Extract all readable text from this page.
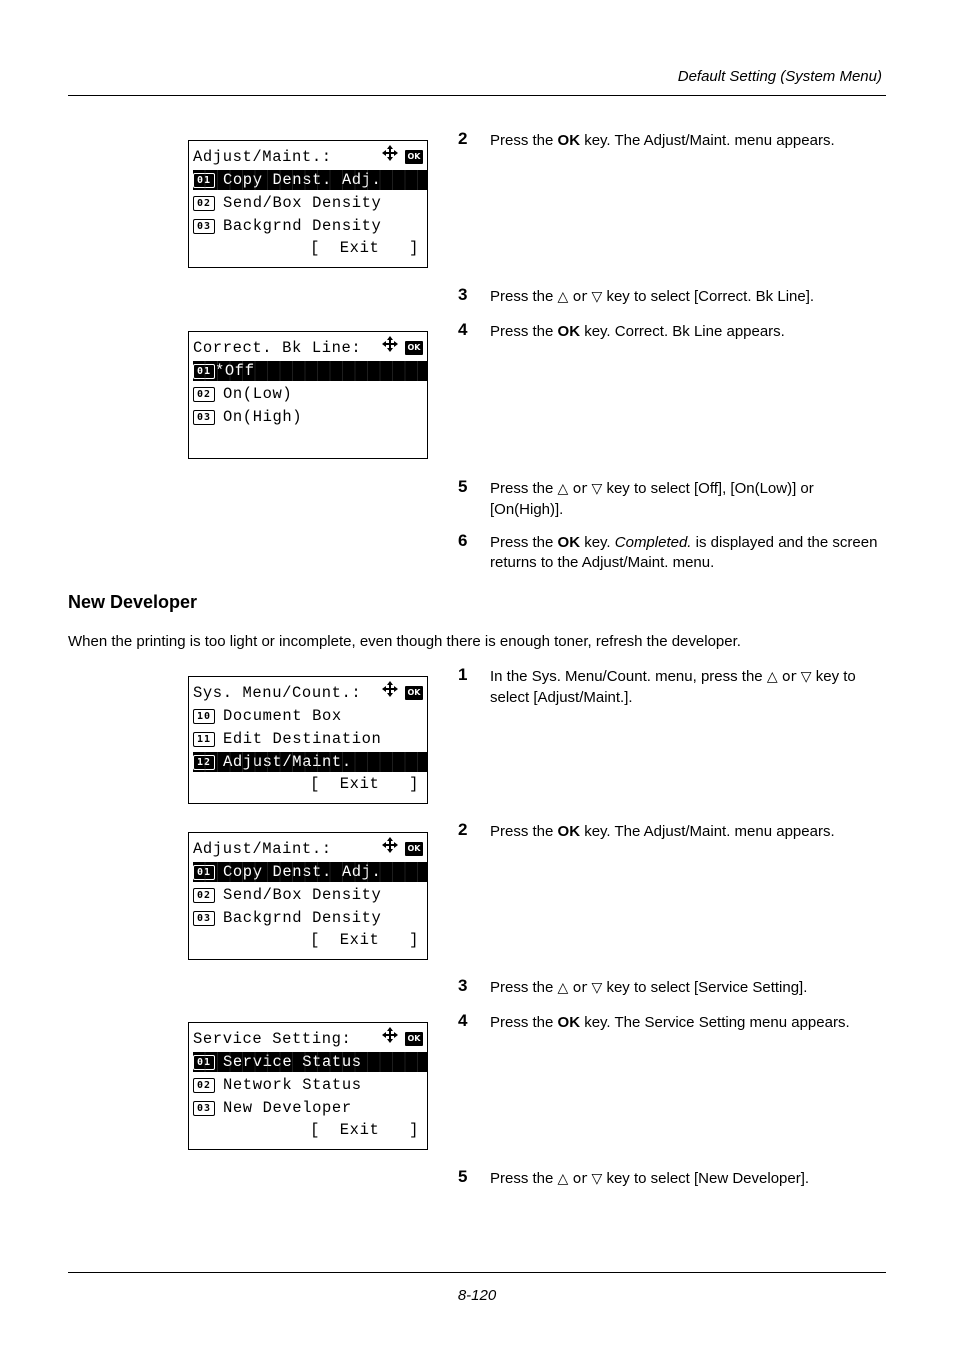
Default Setting (System Menu)
Adjust/Maint.:	OK
01 Copy Denst. Adj.
02 Send/Box Density
03 Backgrnd Density
[  Exit   ]
Correct. Bk Line:	OK
01 *Off
02 On(Low)
03 On(High)
Sys. Menu/Count.:	OK
10 Document Box
11 Edit Destination
12 Adjust/Maint.
[  Exit   ]
Adjust/Maint.:	OK
01 Copy Denst. Adj.
02 Send/Box Density
03 Backgrnd Density
[  Exit   ]
Service Setting:	OK
01 Service Status
02 Network Status
03 New Developer
[  Exit   ]
2 Press the OK key. The Adjust/Maint. menu appears.
3 Press the △ or ▽ key to select [Correct. Bk Line].
4 Press the OK key. Correct. Bk Line appears.
5 Press the △ or ▽ key to select [Off], [On(Low)] or [On(High)].
6 Press the OK key. Completed. is displayed and the screen returns to the Adjust/Maint. menu.
New Developer
When the printing is too light or incomplete, even though there is enough toner, refresh the developer.
1 In the Sys. Menu/Count. menu, press the △ or ▽ key to select [Adjust/Maint.].
2 Press the OK key. The Adjust/Maint. menu appears.
3 Press the △ or ▽ key to select [Service Setting].
4 Press the OK key. The Service Setting menu appears.
5 Press the △ or ▽ key to select [New Developer].
8-120
